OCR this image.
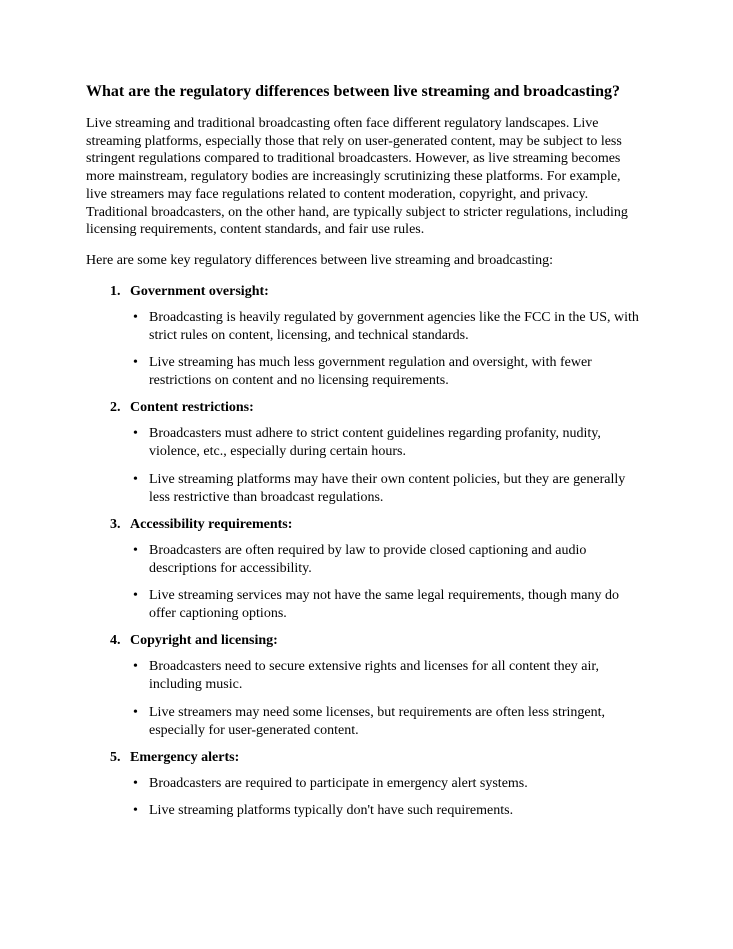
What are the regulatory differences between live streaming and broadcasting?

Live streaming and traditional broadcasting often face different regulatory landscapes. Live streaming platforms, especially those that rely on user-generated content, may be subject to less stringent regulations compared to traditional broadcasters. However, as live streaming becomes more mainstream, regulatory bodies are increasingly scrutinizing these platforms. For example, live streamers may face regulations related to content moderation, copyright, and privacy. Traditional broadcasters, on the other hand, are typically subject to stricter regulations, including licensing requirements, content standards, and fair use rules.

Here are some key regulatory differences between live streaming and broadcasting:

1. Government oversight:
• Broadcasting is heavily regulated by government agencies like the FCC in the US, with strict rules on content, licensing, and technical standards.
• Live streaming has much less government regulation and oversight, with fewer restrictions on content and no licensing requirements.
2. Content restrictions:
• Broadcasters must adhere to strict content guidelines regarding profanity, nudity, violence, etc., especially during certain hours.
• Live streaming platforms may have their own content policies, but they are generally less restrictive than broadcast regulations.
3. Accessibility requirements:
• Broadcasters are often required by law to provide closed captioning and audio descriptions for accessibility.
• Live streaming services may not have the same legal requirements, though many do offer captioning options.
4. Copyright and licensing:
• Broadcasters need to secure extensive rights and licenses for all content they air, including music.
• Live streamers may need some licenses, but requirements are often less stringent, especially for user-generated content.
5. Emergency alerts:
• Broadcasters are required to participate in emergency alert systems.
• Live streaming platforms typically don't have such requirements.
